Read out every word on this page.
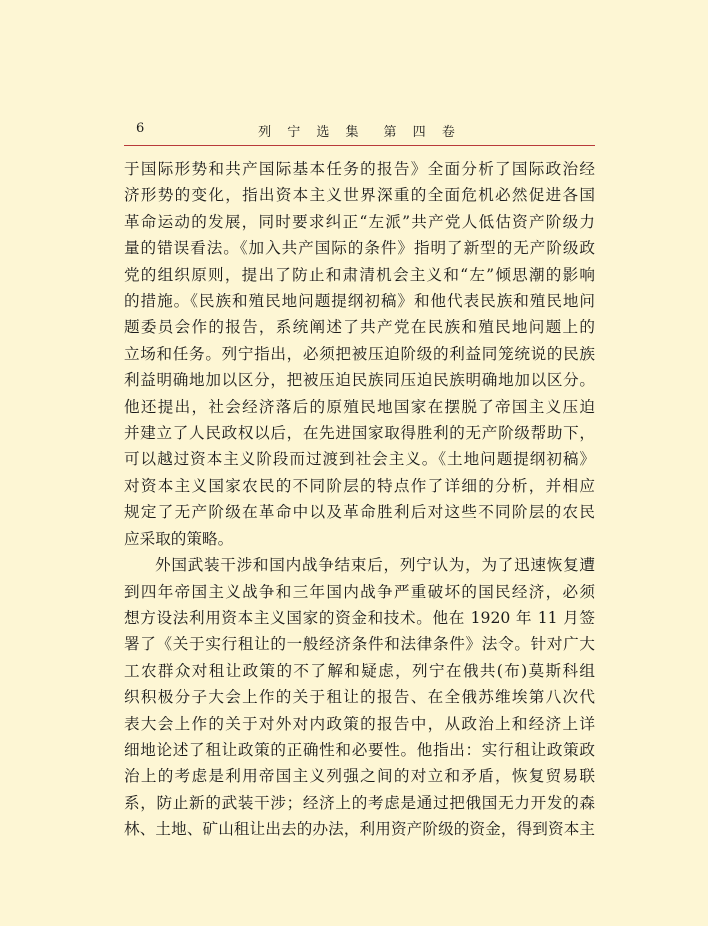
6	列 宁 选 集　第 四 卷
于国际形势和共产国际基本任务的报告》全面分析了国际政治经
济形势的变化，指出资本主义世界深重的全面危机必然促进各国
革命运动的发展，同时要求纠正“左派”共产党人低估资产阶级力
量的错误看法。《加入共产国际的条件》指明了新型的无产阶级政
党的组织原则，提出了防止和肃清机会主义和“左”倾思潮的影响
的措施。《民族和殖民地问题提纲初稿》和他代表民族和殖民地问
题委员会作的报告，系统阐述了共产党在民族和殖民地问题上的
立场和任务。列宁指出，必须把被压迫阶级的利益同笼统说的民族
利益明确地加以区分，把被压迫民族同压迫民族明确地加以区分。
他还提出，社会经济落后的原殖民地国家在摆脱了帝国主义压迫
并建立了人民政权以后，在先进国家取得胜利的无产阶级帮助下，
可以越过资本主义阶段而过渡到社会主义。《土地问题提纲初稿》
对资本主义国家农民的不同阶层的特点作了详细的分析，并相应
规定了无产阶级在革命中以及革命胜利后对这些不同阶层的农民
应采取的策略。
外国武装干涉和国内战争结束后，列宁认为，为了迅速恢复遭
到四年帝国主义战争和三年国内战争严重破坏的国民经济，必须
想方设法利用资本主义国家的资金和技术。他在 1920 年 11 月签
署了《关于实行租让的一般经济条件和法律条件》法令。针对广大
工农群众对租让政策的不了解和疑虑，列宁在俄共(布)莫斯科组
织积极分子大会上作的关于租让的报告、在全俄苏维埃第八次代
表大会上作的关于对外对内政策的报告中，从政治上和经济上详
细地论述了租让政策的正确性和必要性。他指出：实行租让政策政
治上的考虑是利用帝国主义列强之间的对立和矛盾，恢复贸易联
系，防止新的武装干涉；经济上的考虑是通过把俄国无力开发的森
林、土地、矿山租让出去的办法，利用资产阶级的资金，得到资本主
